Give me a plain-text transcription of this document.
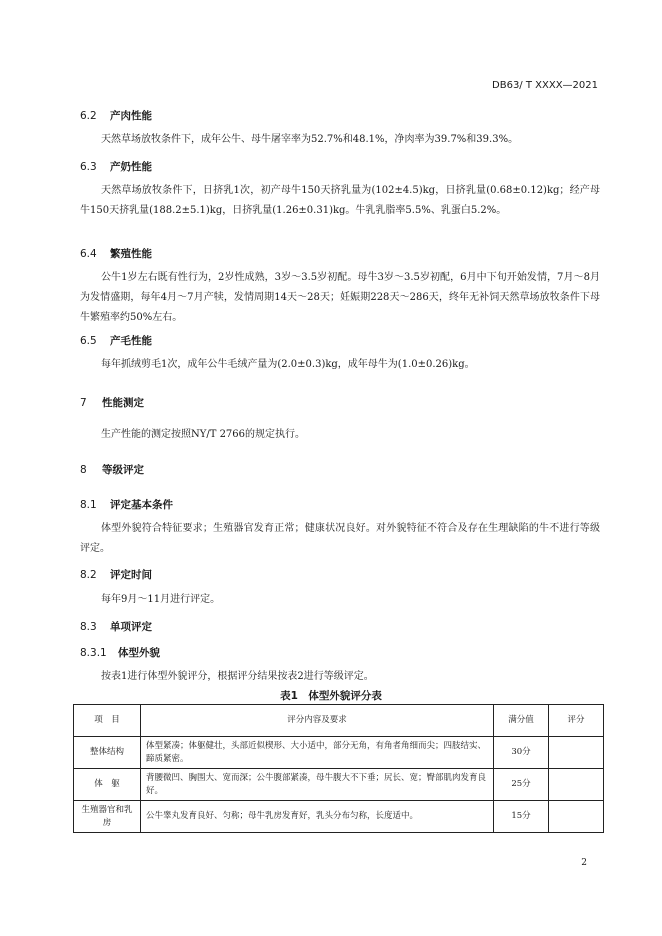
DB63/ T XXXX—2021
6.2 产肉性能
天然草场放牧条件下，成年公牛、母牛屠宰率为52.7%和48.1%，净肉率为39.7%和39.3%。
6.3 产奶性能
天然草场放牧条件下，日挤乳1次，初产母牛150天挤乳量为(102±4.5)kg，日挤乳量(0.68±0.12)kg；经产母牛150天挤乳量(188.2±5.1)kg，日挤乳量(1.26±0.31)kg。牛乳乳脂率5.5%、乳蛋白5.2%。
6.4 繁殖性能
公牛1岁左右既有性行为，2岁性成熟，3岁～3.5岁初配。母牛3岁～3.5岁初配，6月中下旬开始发情，7月～8月为发情盛期，每年4月～7月产犊，发情周期14天～28天；妊娠期228天～286天，终年无补饲天然草场放牧条件下母牛繁殖率约50%左右。
6.5 产毛性能
每年抓绒剪毛1次，成年公牛毛绒产量为(2.0±0.3)kg，成年母牛为(1.0±0.26)kg。
7 性能测定
生产性能的测定按照NY/T 2766的规定执行。
8 等级评定
8.1 评定基本条件
体型外貌符合特征要求；生殖器官发育正常；健康状况良好。对外貌特征不符合及存在生理缺陷的牛不进行等级评定。
8.2 评定时间
每年9月～11月进行评定。
8.3 单项评定
8.3.1 体型外貌
按表1进行体型外貌评分，根据评分结果按表2进行等级评定。
表1　体型外貌评分表
项　目	评分内容及要求	满分值	评分
整体结构	体型紧凑；体躯健壮，头部近似楔形、大小适中，部分无角，有角者角细而尖；四肢结实、蹄质紧密。	30分	
体　躯	背腰微凹、胸围大、宽而深；公牛腹部紧凑，母牛腹大不下垂；尻长、宽；臀部肌肉发育良好。	25分	
生殖器官和乳房	公牛睾丸发育良好、匀称；母牛乳房发育好，乳头分布匀称，长度适中。	15分	
2
